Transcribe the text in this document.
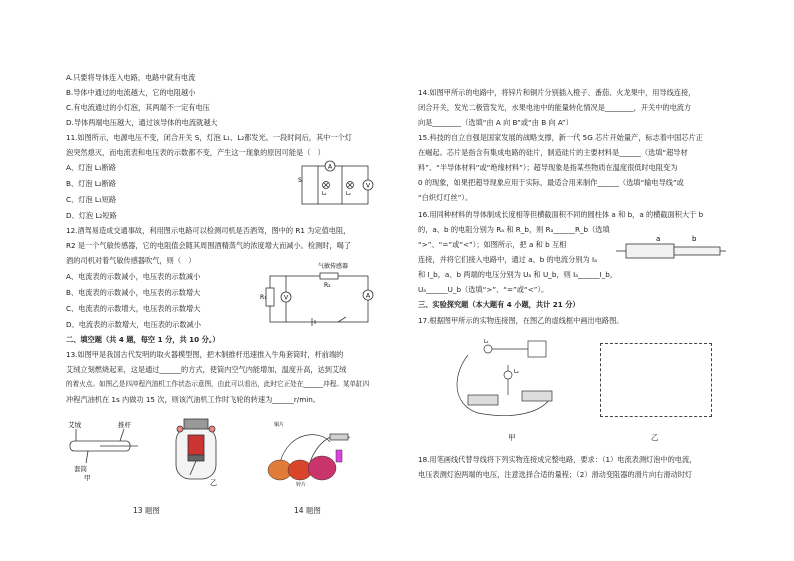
A.只要将导体连入电路，电路中就有电流
B.导体中通过的电流越大，它的电阻越小
C.有电流通过的小灯泡，其两端不一定有电压
D.导体两端电压越大，通过该导体的电流就越大
11.如图所示，电源电压不变，闭合开关 S，灯泡 L₁、L₂都发光。一段时间后，其中一个灯
泡突然熄灭，而电流表和电压表的示数都不变，产生这一现象的原因可能是（　）
A、灯泡 L₁断路
B、灯泡 L₂断路
C、灯泡 L₁短路
D、灯泡 L₂短路
12.酒驾易造成交通事故，利用图示电路可以检测司机是否酒驾，图中的 R1 为定值电阻，
R2 是一个气敏传感器，它的电阻值会随其周围酒精蒸气的浓度增大而减小。检测时，喝了
酒的司机对着气敏传感器吹气，则（　）
A、电流表的示数减小，电压表的示数减小
B、电流表的示数减小，电压表的示数增大
C、电流表的示数增大，电压表的示数增大
D、电流表的示数增大，电压表的示数减小
二、填空题（共 4 题，每空 1 分，共 10 分。）
13.如图甲是我国古代发明的取火器模型图，把木制推杆迅速推入牛角套筒时，杆前端的
艾绒立刻燃烧起来，这是通过______的方式，使筒内空气内能增加，温度升高，达到艾绒
的着火点。如图乙是四冲程汽油机工作状态示意图，由此可以看出，此时它正处在______冲程。某单缸四
冲程汽油机在 1s 内做功 15 次，则该汽油机工作时飞轮的转速为______r/min。
A
V
S
L₁	L₂
气敏传感器
R₁	V
R₂
A
艾绒	推杆
套筒
甲
乙
13 题图
铜片
锌片
14 题图
14.如图甲所示的电路中，将锌片和铜片分别插入橙子、番茄、火龙果中，用导线连接，
闭合开关，发光二极管发光，水果电池中的能量转化情况是________，开关中的电流方
向是________（选填“由 A 向 B”或“由 B 向 A”）
15.科技的自立自强是国家发展的战略支撑，新一代 5G 芯片开始量产，标志着中国芯片正
在崛起。芯片是指含有集成电路的硅片，制造硅片的主要材料是______（选填“超导材
料”、“半导体材料”或“绝缘材料”）；超导现象是指某些物质在温度很低时电阻变为
0 的现象，如果把超导现象应用于实际，最适合用来制作______（选填“输电导线”或
“白炽灯灯丝”）。
16.用同种材料的导体制成长度相等但横截面积不同的圆柱体 a 和 b，a 的横截面积大于 b
的，a、b 的电阻分别为 Rₐ 和 R_b，则 Rₐ______R_b（选填
“>”、“=”或“<”）；如图所示，把 a 和 b 互相
连接，并将它们接入电路中，通过 a、b 的电流分别为 Iₐ
和 I_b，a、b 两端的电压分别为 Uₐ 和 U_b，则 Iₐ______I_b，
Uₐ______U_b（选填“>”、“=”或“<”）。
三、实验探究题（本大题有 4 小题，共计 21 分）
17.根据图甲所示的实物连接图，在图乙的虚线框中画出电路图。
18.用笔画线代替导线将下列实物连接成完整电路，要求：（1）电流表测灯泡中的电流，
电压表测灯泡两端的电压，注意选择合适的量程；（2）滑动变阻器的滑片向右滑动时灯
a	b
L₁
L₂
甲	乙
